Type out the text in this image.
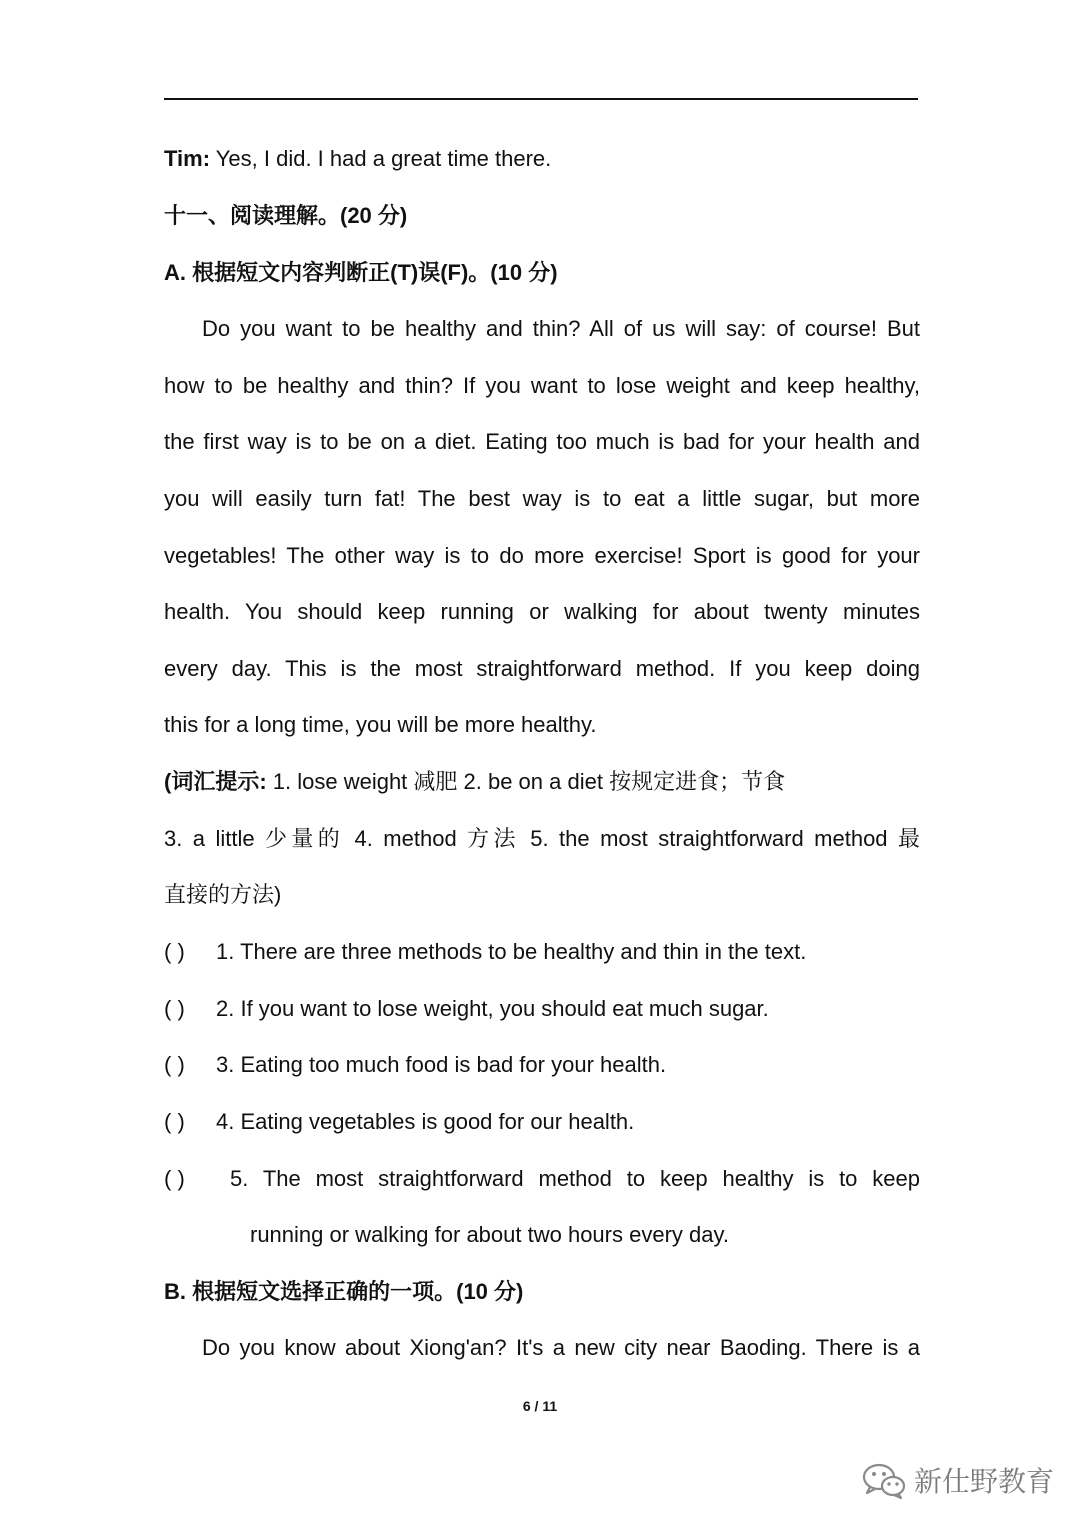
Tim: Yes, I did. I had a great time there.
十一、阅读理解。(20 分)
A. 根据短文内容判断正(T)误(F)。(10 分)
Do you want to be healthy and thin? All of us will say: of course! But
how to be healthy and thin? If you want to lose weight and keep healthy,
the first way is to be on a diet. Eating too much is bad for your health and
you will easily turn fat! The best way is to eat a little sugar, but more
vegetables! The other way is to do more exercise! Sport is good for your
health. You should keep running or walking for about twenty minutes
every day. This is the most straightforward method. If you keep doing
this for a long time, you will be more healthy.
(词汇提示: 1. lose weight 减肥 2. be on a diet 按规定进食；节食
3. a little 少量的 4. method 方法 5. the most straightforward method 最
直接的方法)
( ) 1. There are three methods to be healthy and thin in the text.
( ) 2. If you want to lose weight, you should eat much sugar.
( ) 3. Eating too much food is bad for your health.
( ) 4. Eating vegetables is good for our health.
( )	5. The most straightforward method to keep healthy is to keep
running or walking for about two hours every day.
B. 根据短文选择正确的一项。(10 分)
Do you know about Xiong'an? It's a new city near Baoding. There is a
6 / 11
新仕野教育
